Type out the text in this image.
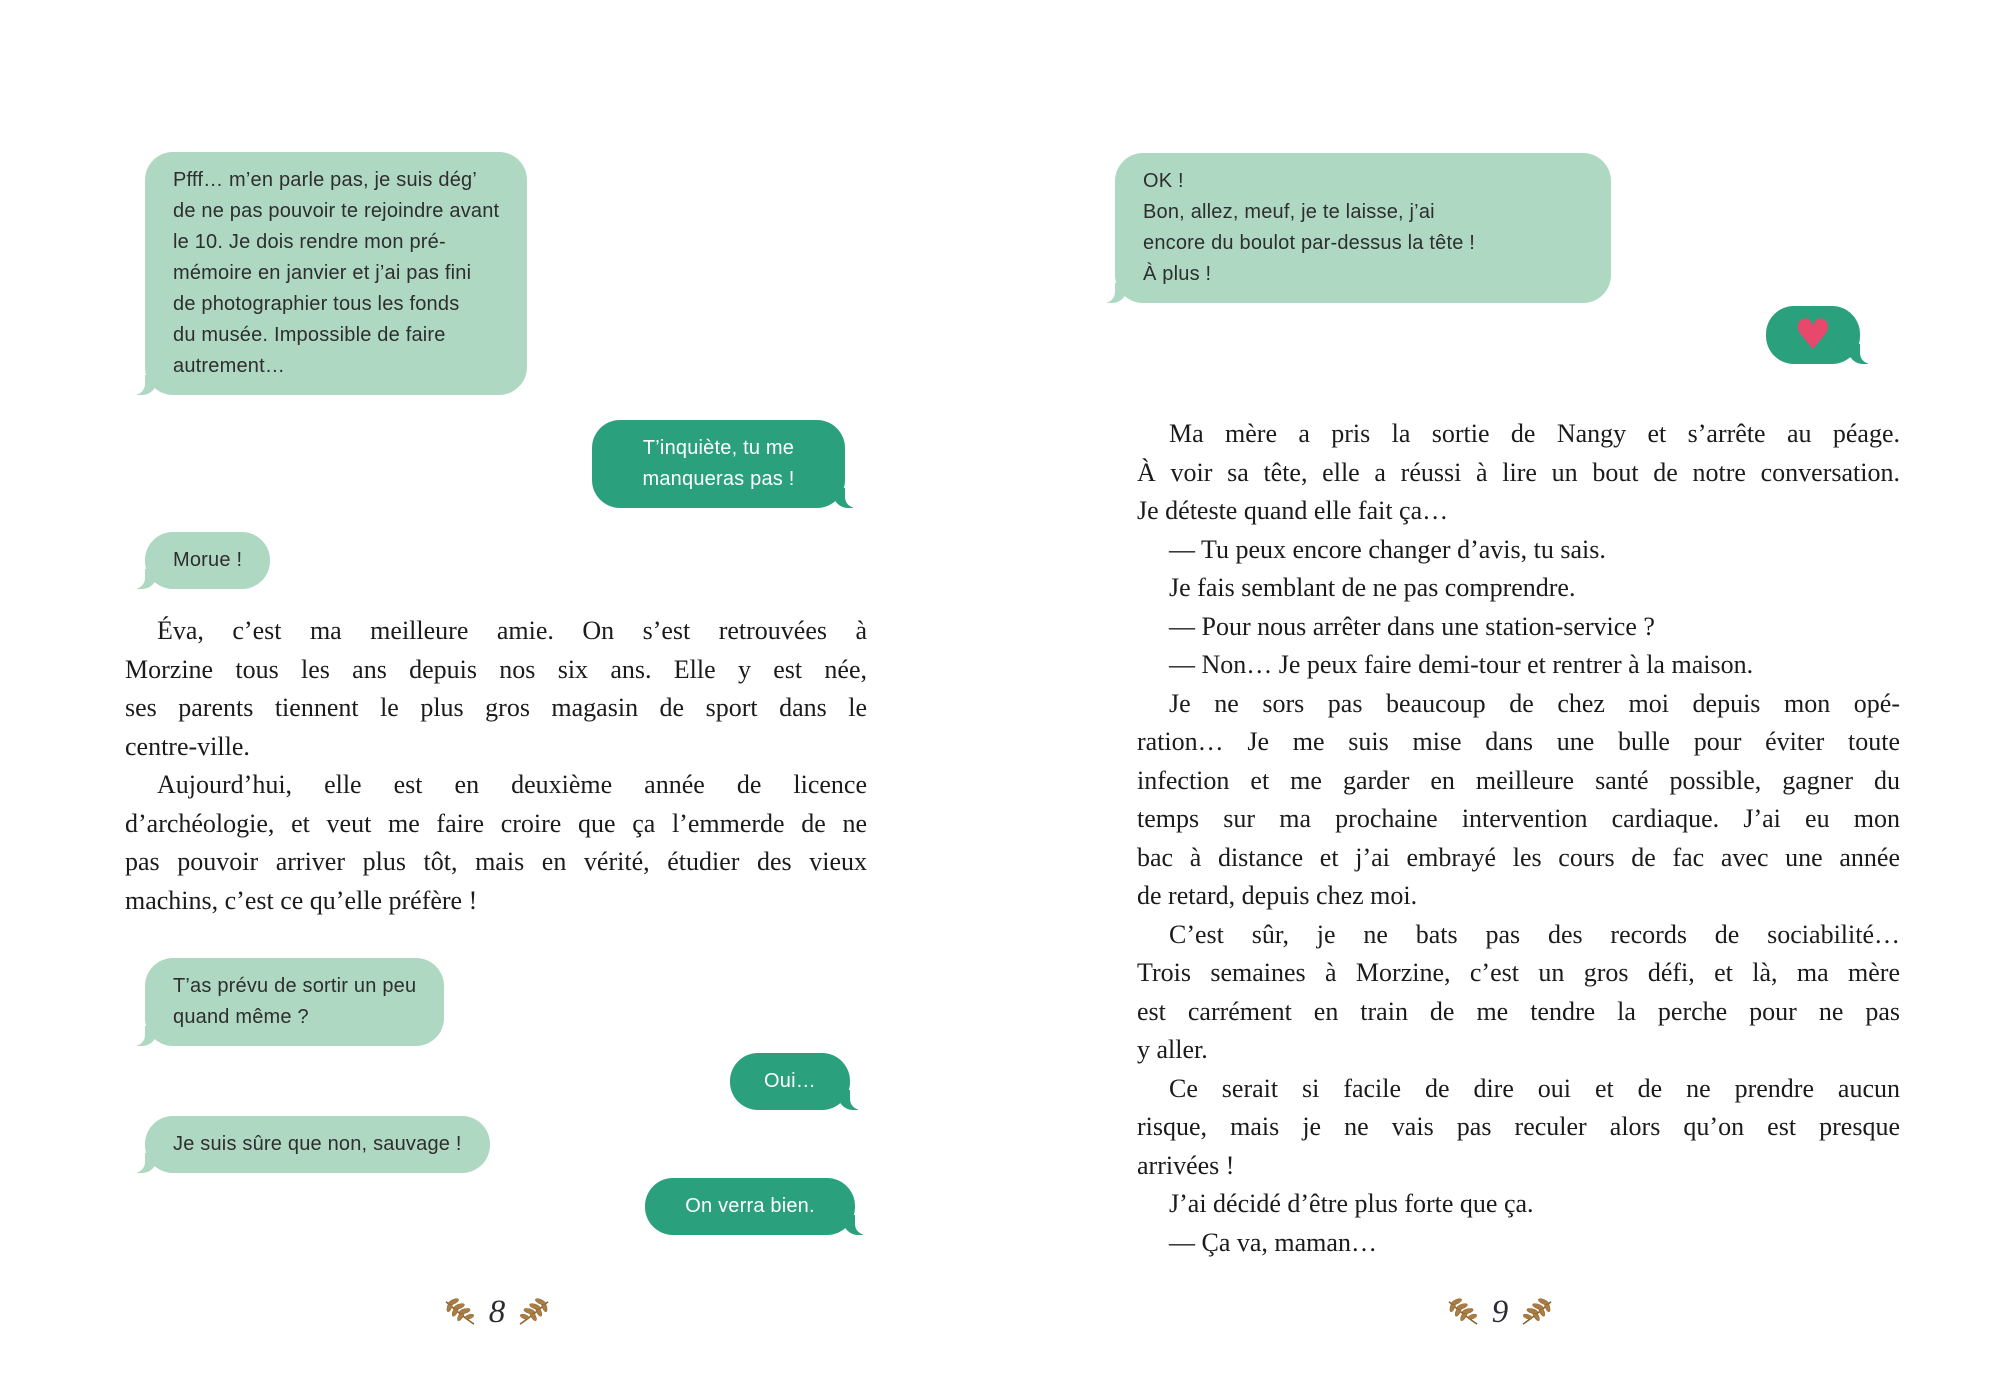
Pfff… m’en parle pas, je suis dég’
de ne pas pouvoir te rejoindre avant
le 10. Je dois rendre mon pré-
mémoire en janvier et j’ai pas fini
de photographier tous les fonds
du musée. Impossible de faire
autrement…
T’inquiète, tu me
manqueras pas !
Morue !
Éva, c’est ma meilleure amie. On s’est retrouvées à
Morzine tous les ans depuis nos six ans. Elle y est née,
ses parents tiennent le plus gros magasin de sport dans le
centre-ville.
Aujourd’hui, elle est en deuxième année de licence
d’archéologie, et veut me faire croire que ça l’emmerde de ne
pas pouvoir arriver plus tôt, mais en vérité, étudier des vieux
machins, c’est ce qu’elle préfère !
T’as prévu de sortir un peu
quand même ?
Oui…
Je suis sûre que non, sauvage !
On verra bien.
8
OK !
Bon, allez, meuf, je te laisse, j’ai
encore du boulot par-dessus la tête !
À plus !
♥
Ma mère a pris la sortie de Nangy et s’arrête au péage.
À voir sa tête, elle a réussi à lire un bout de notre conversation.
Je déteste quand elle fait ça…
— Tu peux encore changer d’avis, tu sais.
Je fais semblant de ne pas comprendre.
— Pour nous arrêter dans une station-service ?
— Non… Je peux faire demi-tour et rentrer à la maison.
Je ne sors pas beaucoup de chez moi depuis mon opé-
ration… Je me suis mise dans une bulle pour éviter toute
infection et me garder en meilleure santé possible, gagner du
temps sur ma prochaine intervention cardiaque. J’ai eu mon
bac à distance et j’ai embrayé les cours de fac avec une année
de retard, depuis chez moi.
C’est sûr, je ne bats pas des records de sociabilité…
Trois semaines à Morzine, c’est un gros défi, et là, ma mère
est carrément en train de me tendre la perche pour ne pas
y aller.
Ce serait si facile de dire oui et de ne prendre aucun
risque, mais je ne vais pas reculer alors qu’on est presque
arrivées !
J’ai décidé d’être plus forte que ça.
— Ça va, maman…
9
